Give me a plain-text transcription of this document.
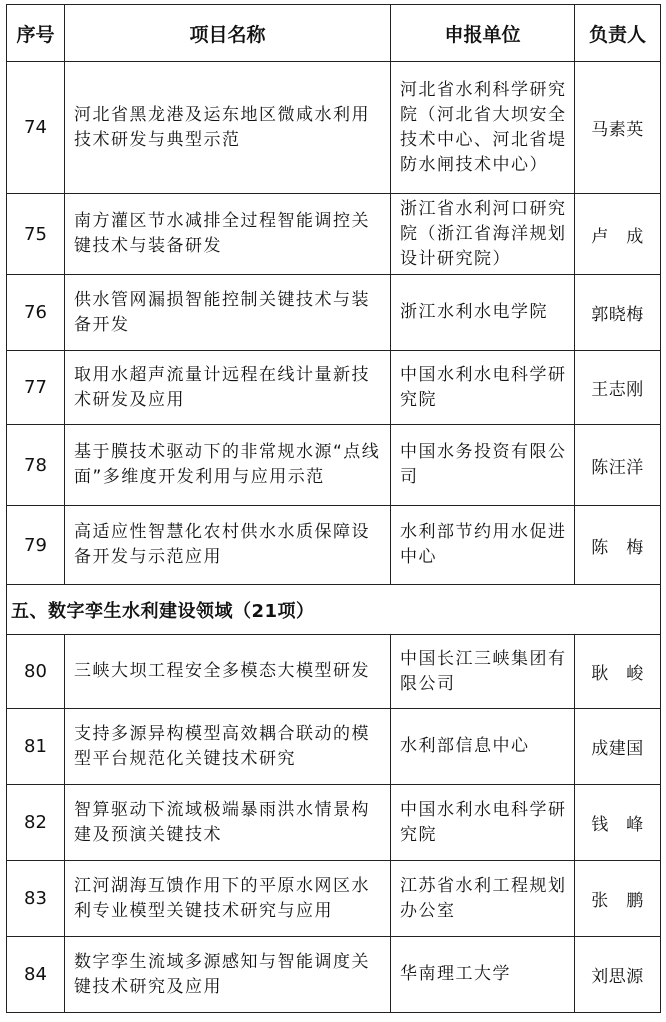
序号	项目名称	申报单位	负责人
74	河北省黑龙港及运东地区微咸水利用技术研发与典型示范	河北省水利科学研究院（河北省大坝安全技术中心、河北省堤防水闸技术中心）	马素英
75	南方灌区节水减排全过程智能调控关键技术与装备研发	浙江省水利河口研究院（浙江省海洋规划设计研究院）	卢　成
76	供水管网漏损智能控制关键技术与装备开发	浙江水利水电学院	郭晓梅
77	取用水超声流量计远程在线计量新技术研发及应用	中国水利水电科学研究院	王志刚
78	基于膜技术驱动下的非常规水源“点线面”多维度开发利用与应用示范	中国水务投资有限公司	陈汪洋
79	高适应性智慧化农村供水水质保障设备开发与示范应用	水利部节约用水促进中心	陈　梅
五、数字孪生水利建设领域（21项）			
80	三峡大坝工程安全多模态大模型研发	中国长江三峡集团有限公司	耿　峻
81	支持多源异构模型高效耦合联动的模型平台规范化关键技术研究	水利部信息中心	成建国
82	智算驱动下流域极端暴雨洪水情景构建及预演关键技术	中国水利水电科学研究院	钱　峰
83	江河湖海互馈作用下的平原水网区水利专业模型关键技术研究与应用	江苏省水利工程规划办公室	张　鹏
84	数字孪生流域多源感知与智能调度关键技术研究及应用	华南理工大学	刘思源
